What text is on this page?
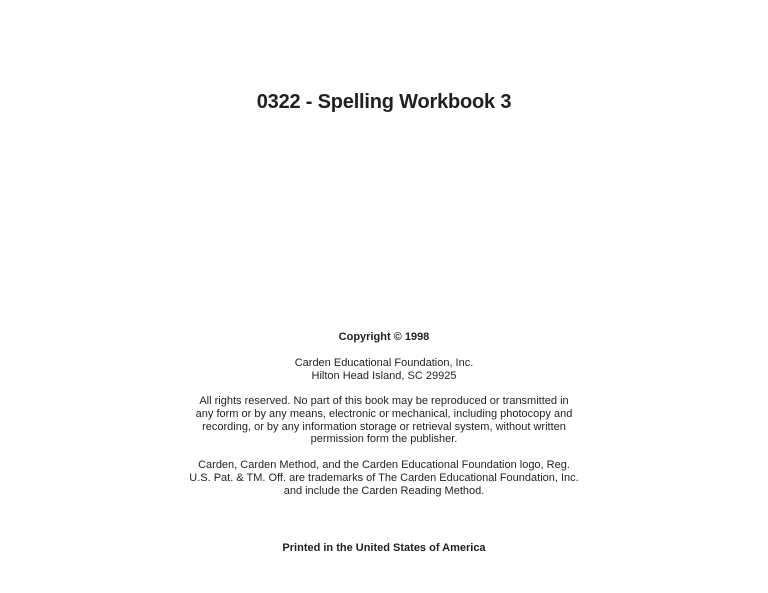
0322 - Spelling Workbook 3
Copyright © 1998
Carden Educational Foundation, Inc.
Hilton Head Island, SC 29925
All rights reserved. No part of this book may be reproduced or transmitted in
any form or by any means, electronic or mechanical, including photocopy and
recording, or by any information storage or retrieval system, without written
permission form the publisher.
Carden, Carden Method, and the Carden Educational Foundation logo, Reg.
U.S. Pat. & TM. Off. are trademarks of The Carden Educational Foundation, Inc.
and include the Carden Reading Method.
Printed in the United States of America
